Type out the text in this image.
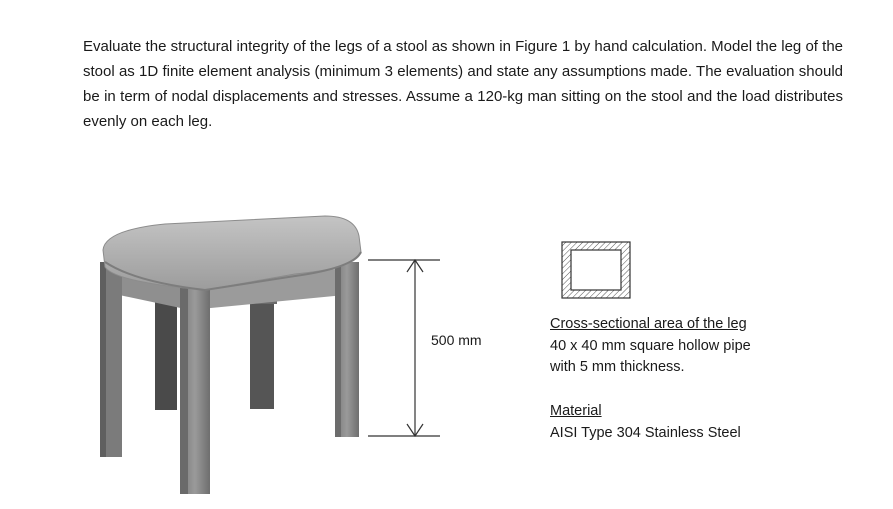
Evaluate the structural integrity of the legs of a stool as shown in Figure 1 by hand calculation. Model the leg of the stool as 1D finite element analysis (minimum 3 elements) and state any assumptions made. The evaluation should be in term of nodal displacements and stresses. Assume a 120-kg man sitting on the stool and the load distributes evenly on each leg.
500 mm
Cross-sectional area of the leg
40 x 40 mm square hollow pipe
with 5 mm thickness.
Material
AISI Type 304 Stainless Steel
